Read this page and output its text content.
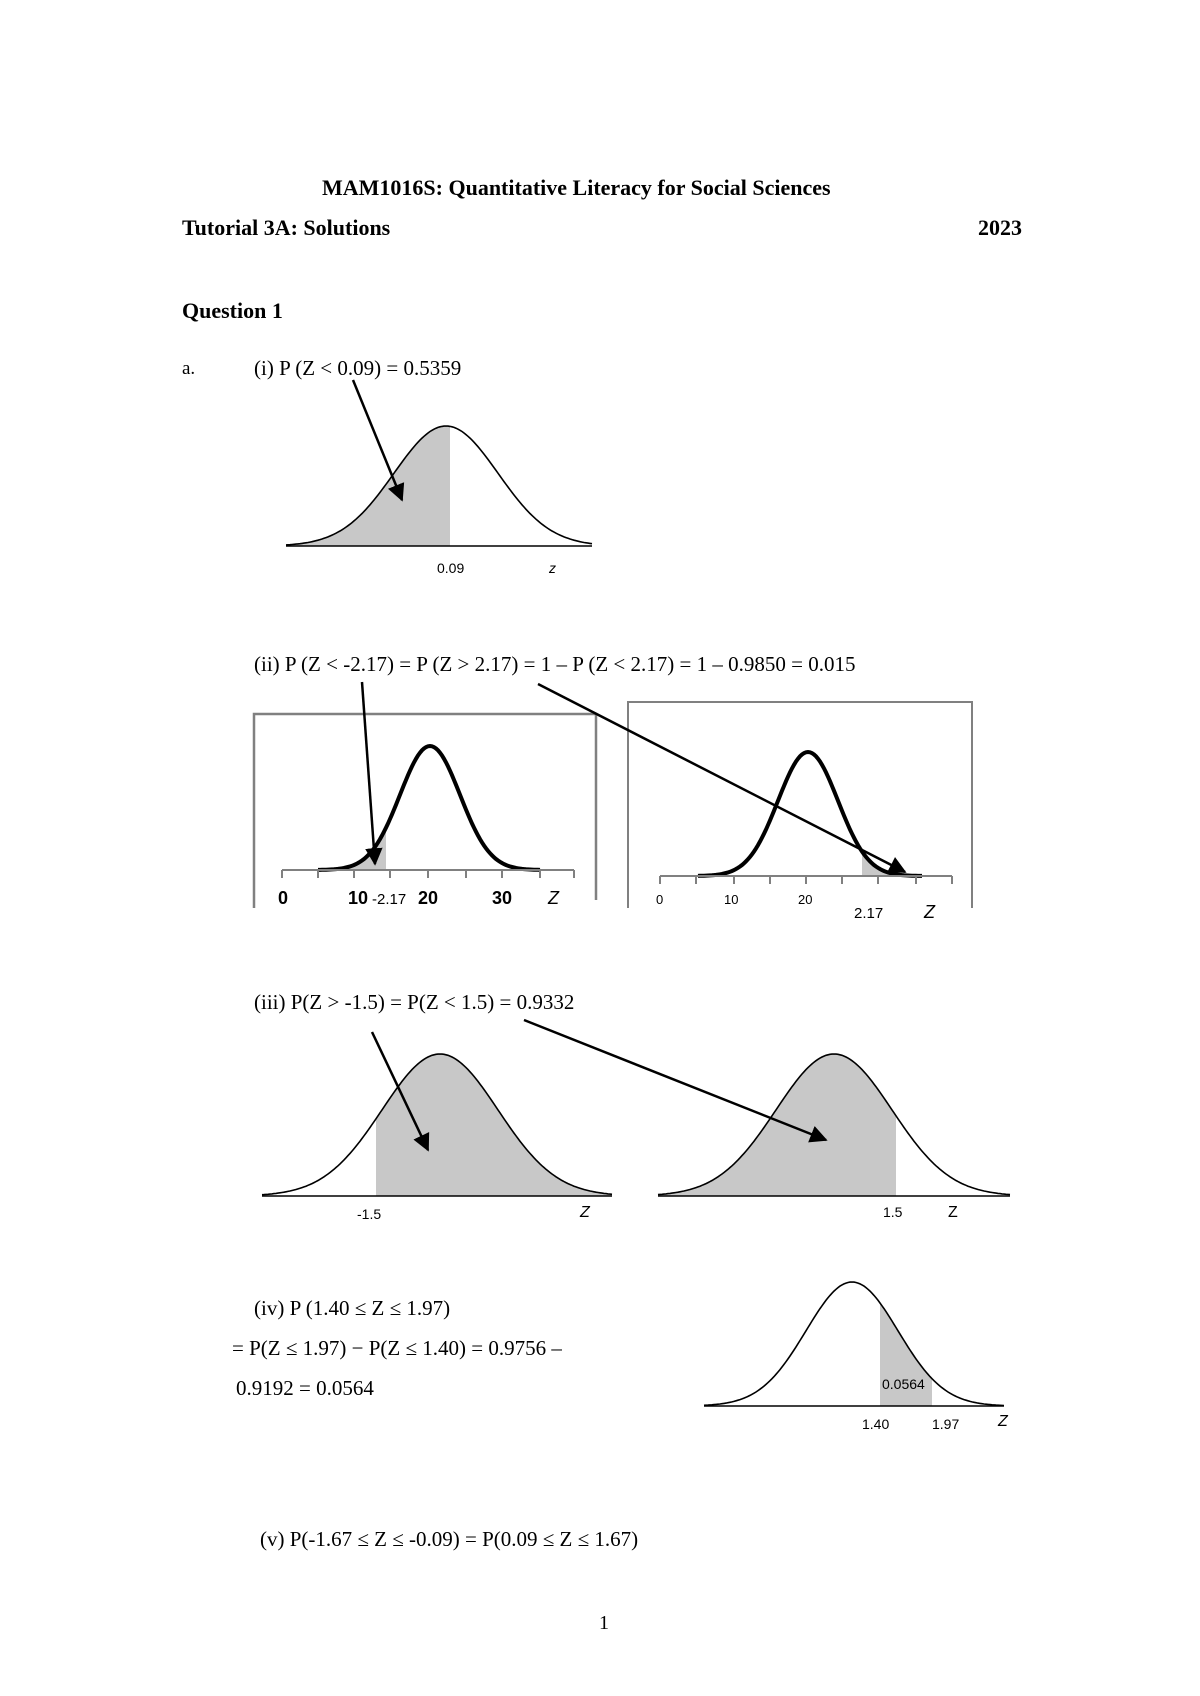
MAM1016S: Quantitative Literacy for Social Sciences
Tutorial 3A: Solutions	2023
Question 1
a.	(i) P (Z < 0.09) = 0.5359
(ii) P (Z < -2.17) = P (Z > 2.17) = 1 – P (Z < 2.17) = 1 – 0.9850 = 0.015
(iii) P(Z > -1.5) = P(Z < 1.5) = 0.9332
(iv) P (1.40 ≤ Z ≤ 1.97)
= P(Z ≤ 1.97) − P(Z ≤ 1.40) = 0.9756 –
0.9192 = 0.0564
(v) P(-1.67 ≤ Z ≤ -0.09) = P(0.09 ≤ Z ≤ 1.67)
0.09	z
0	10 -2.17 20	30 Z	0	10	20
2.17 Z
-1.5	Z	1.5	Z
0.0564
1.40	1.97 Z
1
